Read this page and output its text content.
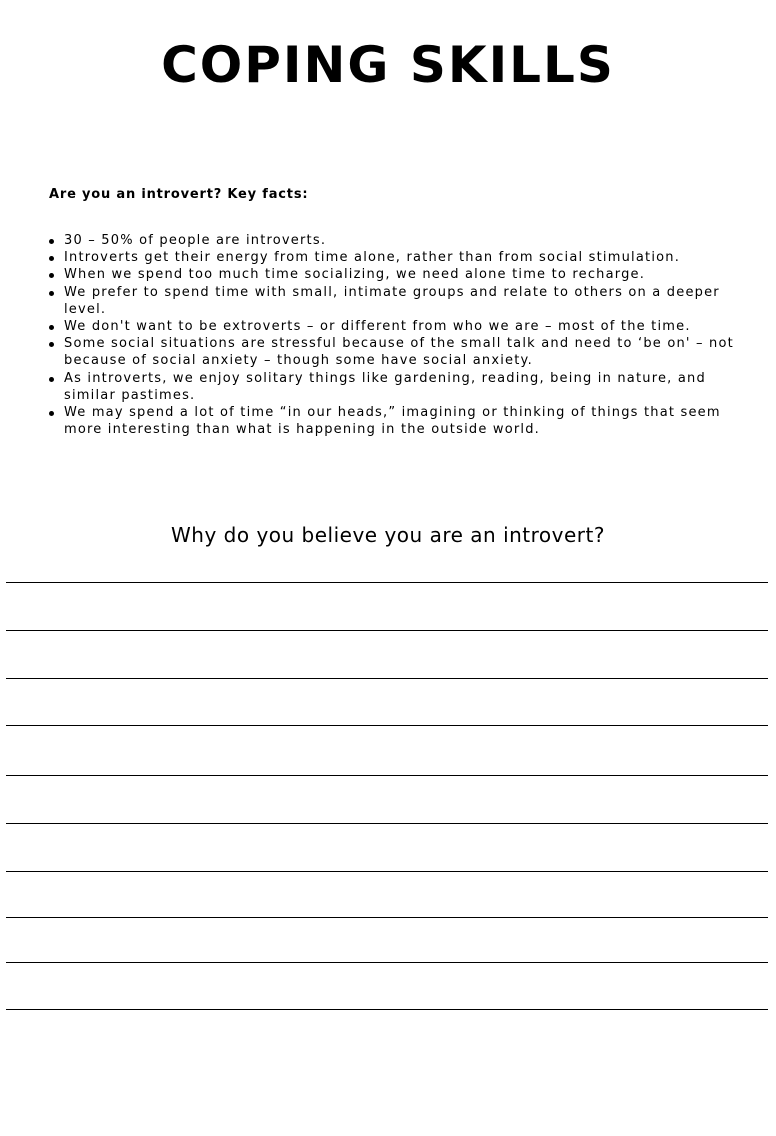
COPING SKILLS

Are you an introvert? Key facts:

30 – 50% of people are introverts.
Introverts get their energy from time alone, rather than from social stimulation.
When we spend too much time socializing, we need alone time to recharge.
We prefer to spend time with small, intimate groups and relate to others on a deeper level.
We don't want to be extroverts – or different from who we are – most of the time.
Some social situations are stressful because of the small talk and need to ‘be on' – not because of social anxiety – though some have social anxiety.
As introverts, we enjoy solitary things like gardening, reading, being in nature, and similar pastimes.
We may spend a lot of time “in our heads,” imagining or thinking of things that seem more interesting than what is happening in the outside world.

Why do you believe you are an introvert?
